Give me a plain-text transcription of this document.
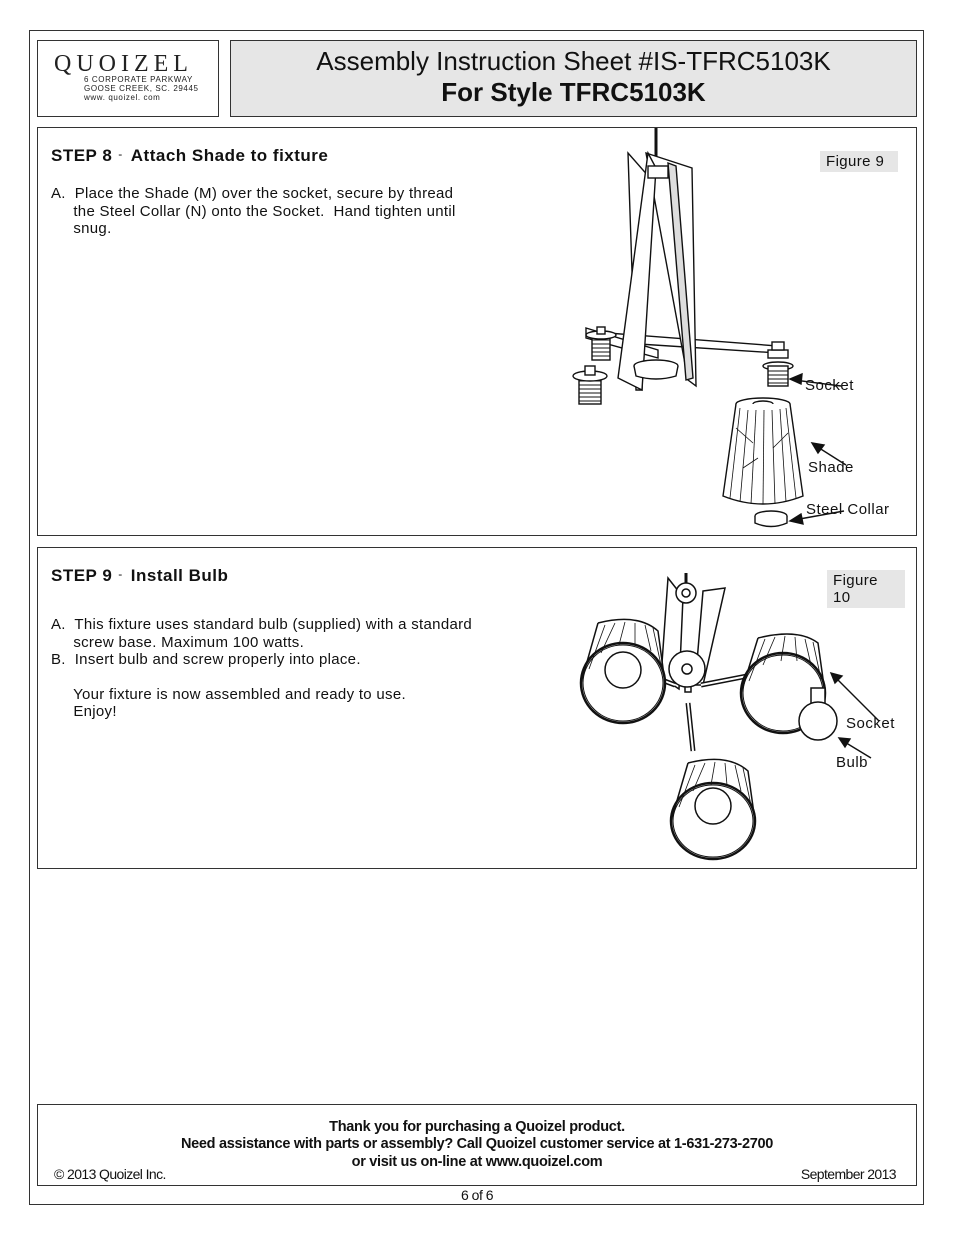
QUOIZEL
6 CORPORATE PARKWAY
GOOSE CREEK, SC. 29445
www. quoizel. com
Assembly Instruction Sheet #IS-TFRC5103K
For Style TFRC5103K
STEP 8 - Attach Shade to fixture
A.  Place the Shade (M) over the socket, secure by thread
the Steel Collar (N) onto the Socket.  Hand tighten until
snug.
Figure 9
Socket
Shade
Steel Collar
STEP 9 - Install Bulb
A.  This fixture uses standard bulb (supplied) with a standard
screw base. Maximum 100 watts.
B.  Insert bulb and screw properly into place.
Your fixture is now assembled and ready to use.
Enjoy!
Figure 10
Socket
Bulb
Thank you for purchasing a Quoizel product.
Need assistance with parts or assembly? Call Quoizel customer service at 1-631-273-2700
or visit us on-line at www.quoizel.com
© 2013 Quoizel Inc.	September 2013
6 of 6
